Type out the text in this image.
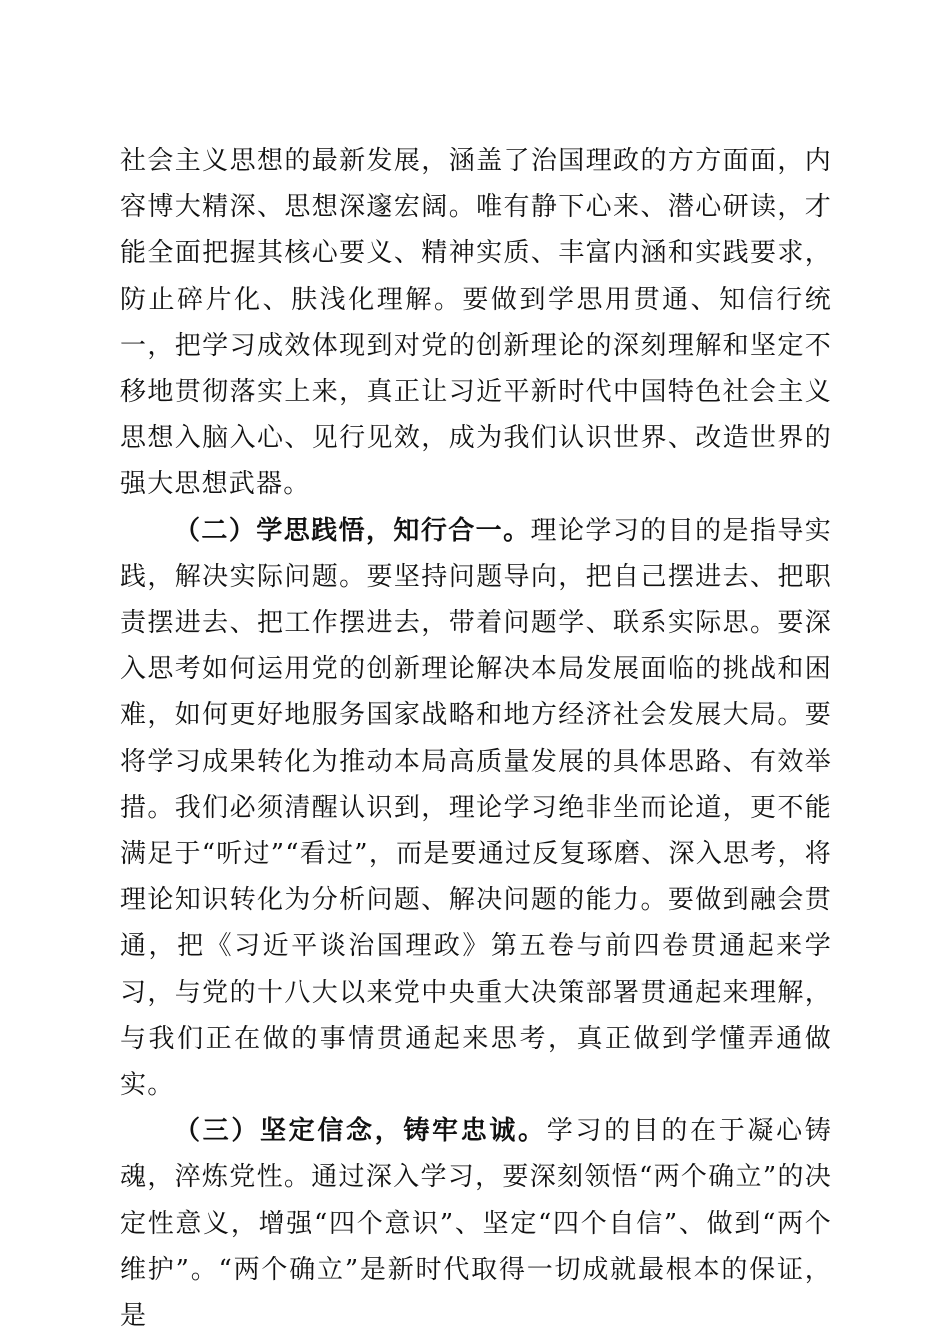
社会主义思想的最新发展，涵盖了治国理政的方方面面，内容博大精深、思想深邃宏阔。唯有静下心来、潜心研读，才能全面把握其核心要义、精神实质、丰富内涵和实践要求，防止碎片化、肤浅化理解。要做到学思用贯通、知信行统一，把学习成效体现到对党的创新理论的深刻理解和坚定不移地贯彻落实上来，真正让习近平新时代中国特色社会主义思想入脑入心、见行见效，成为我们认识世界、改造世界的强大思想武器。

（二）学思践悟，知行合一。理论学习的目的是指导实践，解决实际问题。要坚持问题导向，把自己摆进去、把职责摆进去、把工作摆进去，带着问题学、联系实际思。要深入思考如何运用党的创新理论解决本局发展面临的挑战和困难，如何更好地服务国家战略和地方经济社会发展大局。要将学习成果转化为推动本局高质量发展的具体思路、有效举措。我们必须清醒认识到，理论学习绝非坐而论道，更不能满足于“听过”“看过”，而是要通过反复琢磨、深入思考，将理论知识转化为分析问题、解决问题的能力。要做到融会贯通，把《习近平谈治国理政》第五卷与前四卷贯通起来学习，与党的十八大以来党中央重大决策部署贯通起来理解，与我们正在做的事情贯通起来思考，真正做到学懂弄通做实。

（三）坚定信念，铸牢忠诚。学习的目的在于凝心铸魂，淬炼党性。通过深入学习，要深刻领悟“两个确立”的决定性意义，增强“四个意识”、坚定“四个自信”、做到“两个维护”。“两个确立”是新时代取得一切成就最根本的保证，是
